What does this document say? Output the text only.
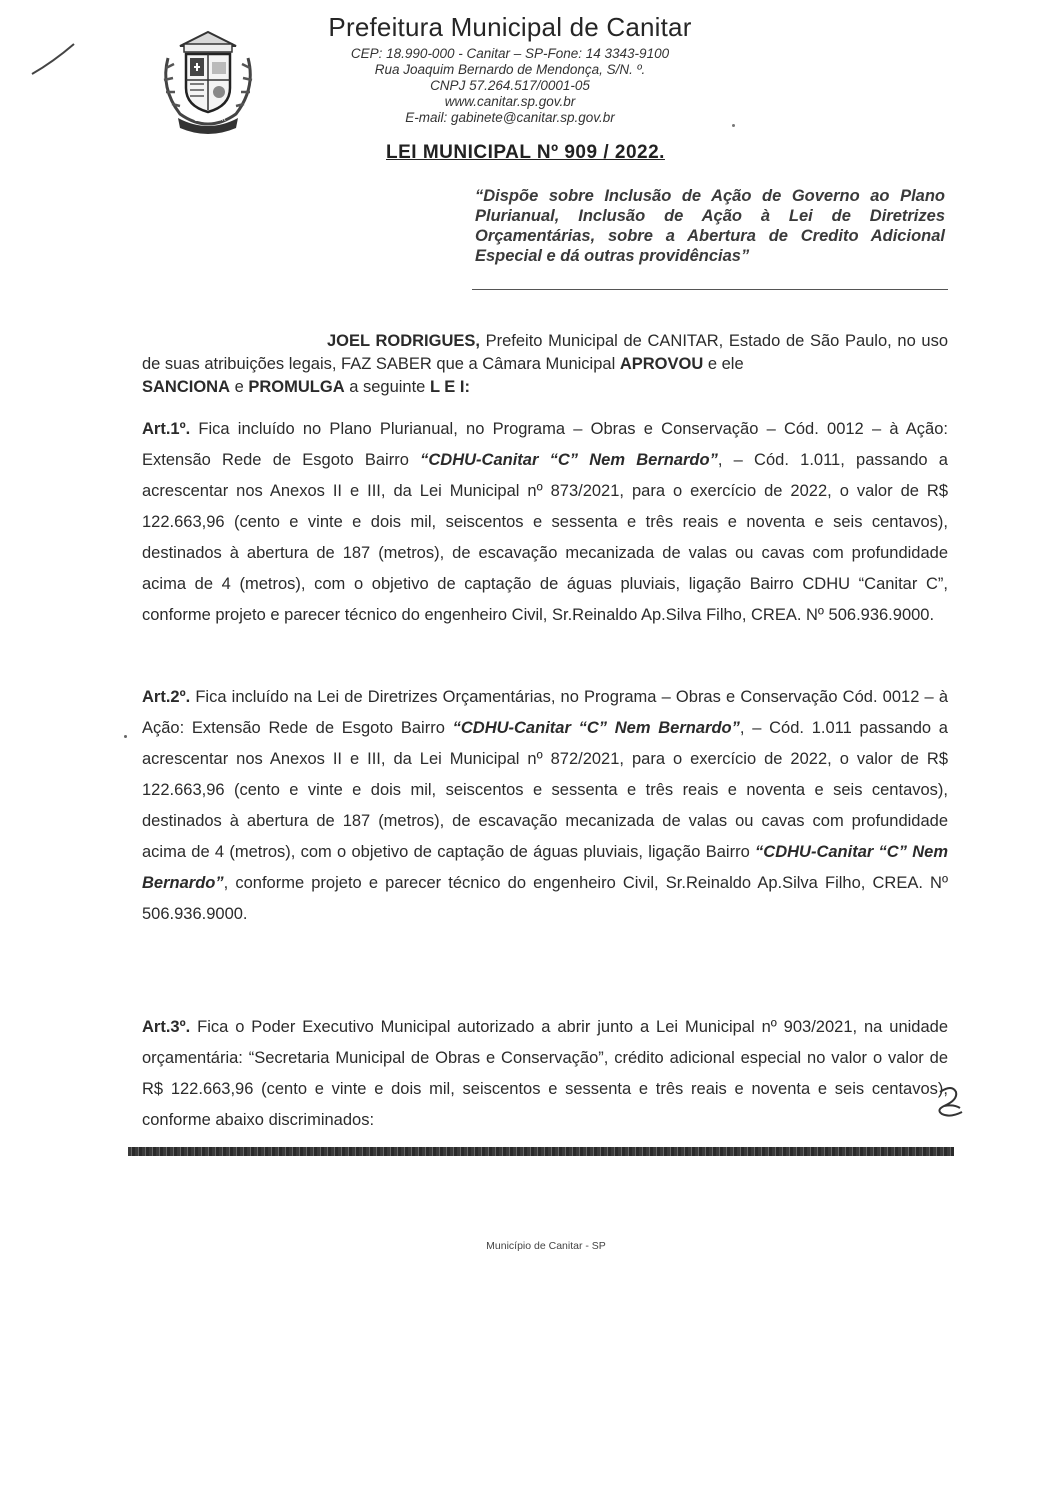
CANITAR
Prefeitura Municipal de Canitar
CEP: 18.990-000 - Canitar – SP-Fone: 14 3343-9100
Rua Joaquim Bernardo de Mendonça, S/N. º.
CNPJ 57.264.517/0001-05
www.canitar.sp.gov.br
E-mail: gabinete@canitar.sp.gov.br
LEI MUNICIPAL Nº 909 / 2022.
“Dispõe sobre Inclusão de Ação de Governo ao Plano Plurianual, Inclusão de Ação à Lei de Diretrizes Orçamentárias, sobre a Abertura de Credito Adicional Especial e dá outras providências”
JOEL RODRIGUES, Prefeito Municipal de CANITAR, Estado de São Paulo, no uso de suas atribuições legais, FAZ SABER que a Câmara Municipal APROVOU e ele
SANCIONA e PROMULGA a seguinte L E I:
Art.1º. Fica incluído no Plano Plurianual, no Programa – Obras e Conservação – Cód. 0012 – à Ação: Extensão Rede de Esgoto Bairro “CDHU-Canitar “C” Nem Bernardo”, – Cód. 1.011, passando a acrescentar nos Anexos II e III, da Lei Municipal nº 873/2021, para o exercício de 2022, o valor de R$ 122.663,96 (cento e vinte e dois mil, seiscentos e sessenta e três reais e noventa e seis centavos), destinados à abertura de 187 (metros), de escavação mecanizada de valas ou cavas com profundidade acima de 4 (metros), com o objetivo de captação de águas pluviais, ligação Bairro CDHU “Canitar C”, conforme projeto e parecer técnico do engenheiro Civil, Sr.Reinaldo Ap.Silva Filho, CREA. Nº 506.936.9000.
Art.2º. Fica incluído na Lei de Diretrizes Orçamentárias, no Programa – Obras e Conservação Cód. 0012 – à Ação: Extensão Rede de Esgoto Bairro “CDHU-Canitar “C” Nem Bernardo”, – Cód. 1.011 passando a acrescentar nos Anexos II e III, da Lei Municipal nº 872/2021, para o exercício de 2022, o valor de R$ 122.663,96 (cento e vinte e dois mil, seiscentos e sessenta e três reais e noventa e seis centavos), destinados à abertura de 187 (metros), de escavação mecanizada de valas ou cavas com profundidade acima de 4 (metros), com o objetivo de captação de águas pluviais, ligação Bairro “CDHU-Canitar “C” Nem Bernardo”, conforme projeto e parecer técnico do engenheiro Civil, Sr.Reinaldo Ap.Silva Filho, CREA. Nº 506.936.9000.
Art.3º. Fica o Poder Executivo Municipal autorizado a abrir junto a Lei Municipal nº 903/2021, na unidade orçamentária: “Secretaria Municipal de Obras e Conservação”, crédito adicional especial no valor o valor de R$ 122.663,96 (cento e vinte e dois mil, seiscentos e sessenta e três reais e noventa e seis centavos), conforme abaixo discriminados:
Município de Canitar - SP
